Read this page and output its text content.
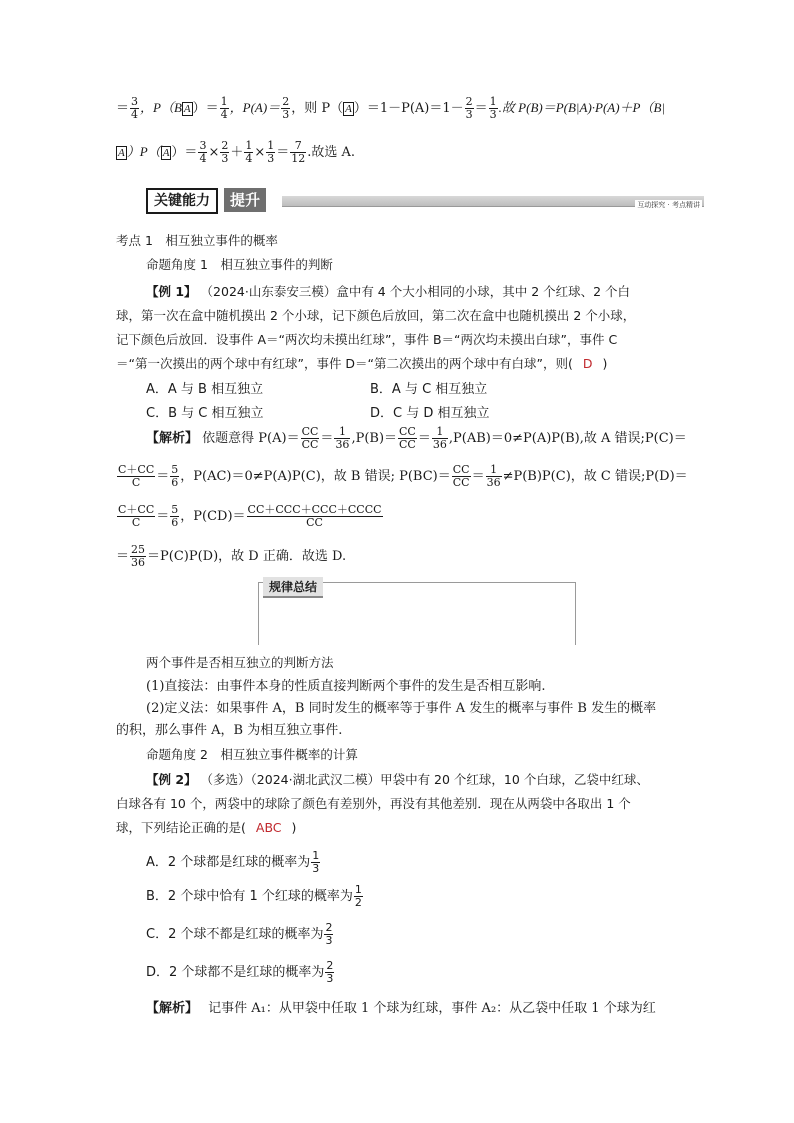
＝ $\frac{3}{4}$ ，P（B A ）＝ $\frac{1}{4}$ ，$P(A)= \frac{2}{3}$ ，则 P（ A ）$=1-P(A)=1- \frac{2}{3} = \frac{1}{3}$ .故 P(B)＝P(B|A)·P(A)＋P（B|
A ）P（ A ）＝ $\frac{3}{4} \times \frac{2}{3} + \frac{1}{4} \times \frac{1}{3} = \frac{7}{12}$ .故选 A.
关键能力	提升	互动探究 · 考点精讲
考点 1　相互独立事件的概率
命题角度 1　相互独立事件的判断
【例 1】 （2024·山东泰安三模）盒中有 4 个大小相同的小球，其中 2 个红球、2 个白
球，第一次在盒中随机摸出 2 个小球，记下颜色后放回，第二次在盒中也随机摸出 2 个小球，
记下颜色后放回．设事件 A＝“两次均未摸出红球”，事件 B＝“两次均未摸出白球”，事件 C
＝“第一次摸出的两个球中有红球”，事件 D＝“第二次摸出的两个球中有白球”，则( D )
A．A 与 B 相互独立	B．A 与 C 相互独立
C．B 与 C 相互独立	D．C 与 D 相互独立
【解析】 依题意得 $P(A)= \frac{CC}{CC} = \frac{1}{36} ,P(B)= \frac{CC}{CC} = \frac{1}{36} ,P(AB)=0\ne P(A)P(B)$,故 A 错误;P(C)＝
$\frac{C+CC}{C} = \frac{5}{6}$ ，P(AC)＝0≠P(A)P(C)，故 B 错误; $P(BC)= \frac{CC}{CC} = \frac{1}{36} \ne P(B)P(C)$，故 C 错误;P(D)＝
$\frac{C+CC}{C} = \frac{5}{6}$ ，$P(CD)= \frac{\text{CC＋CCC＋CCC＋CCCC}}{CC}$
＝ $\frac{25}{36} =P(C)P(D)$，故 D 正确．故选 D.
规律总结
两个事件是否相互独立的判断方法
(1)直接法：由事件本身的性质直接判断两个事件的发生是否相互影响.
(2)定义法：如果事件 A，B 同时发生的概率等于事件 A 发生的概率与事件 B 发生的概率
的积，那么事件 A，B 为相互独立事件.
命题角度 2　相互独立事件概率的计算
【例 2】 （多选）（2024·湖北武汉二模）甲袋中有 20 个红球，10 个白球，乙袋中红球、
白球各有 10 个，两袋中的球除了颜色有差别外，再没有其他差别．现在从两袋中各取出 1 个
球，下列结论正确的是( ABC )
A．2 个球都是红球的概率为 $\frac{1}{3}$
B．2 个球中恰有 1 个红球的概率为 $\frac{1}{2}$
C．2 个球不都是红球的概率为 $\frac{2}{3}$
D．2 个球都不是红球的概率为 $\frac{2}{3}$
【解析】 记事件 A₁：从甲袋中任取 1 个球为红球，事件 A₂：从乙袋中任取 1 个球为红
